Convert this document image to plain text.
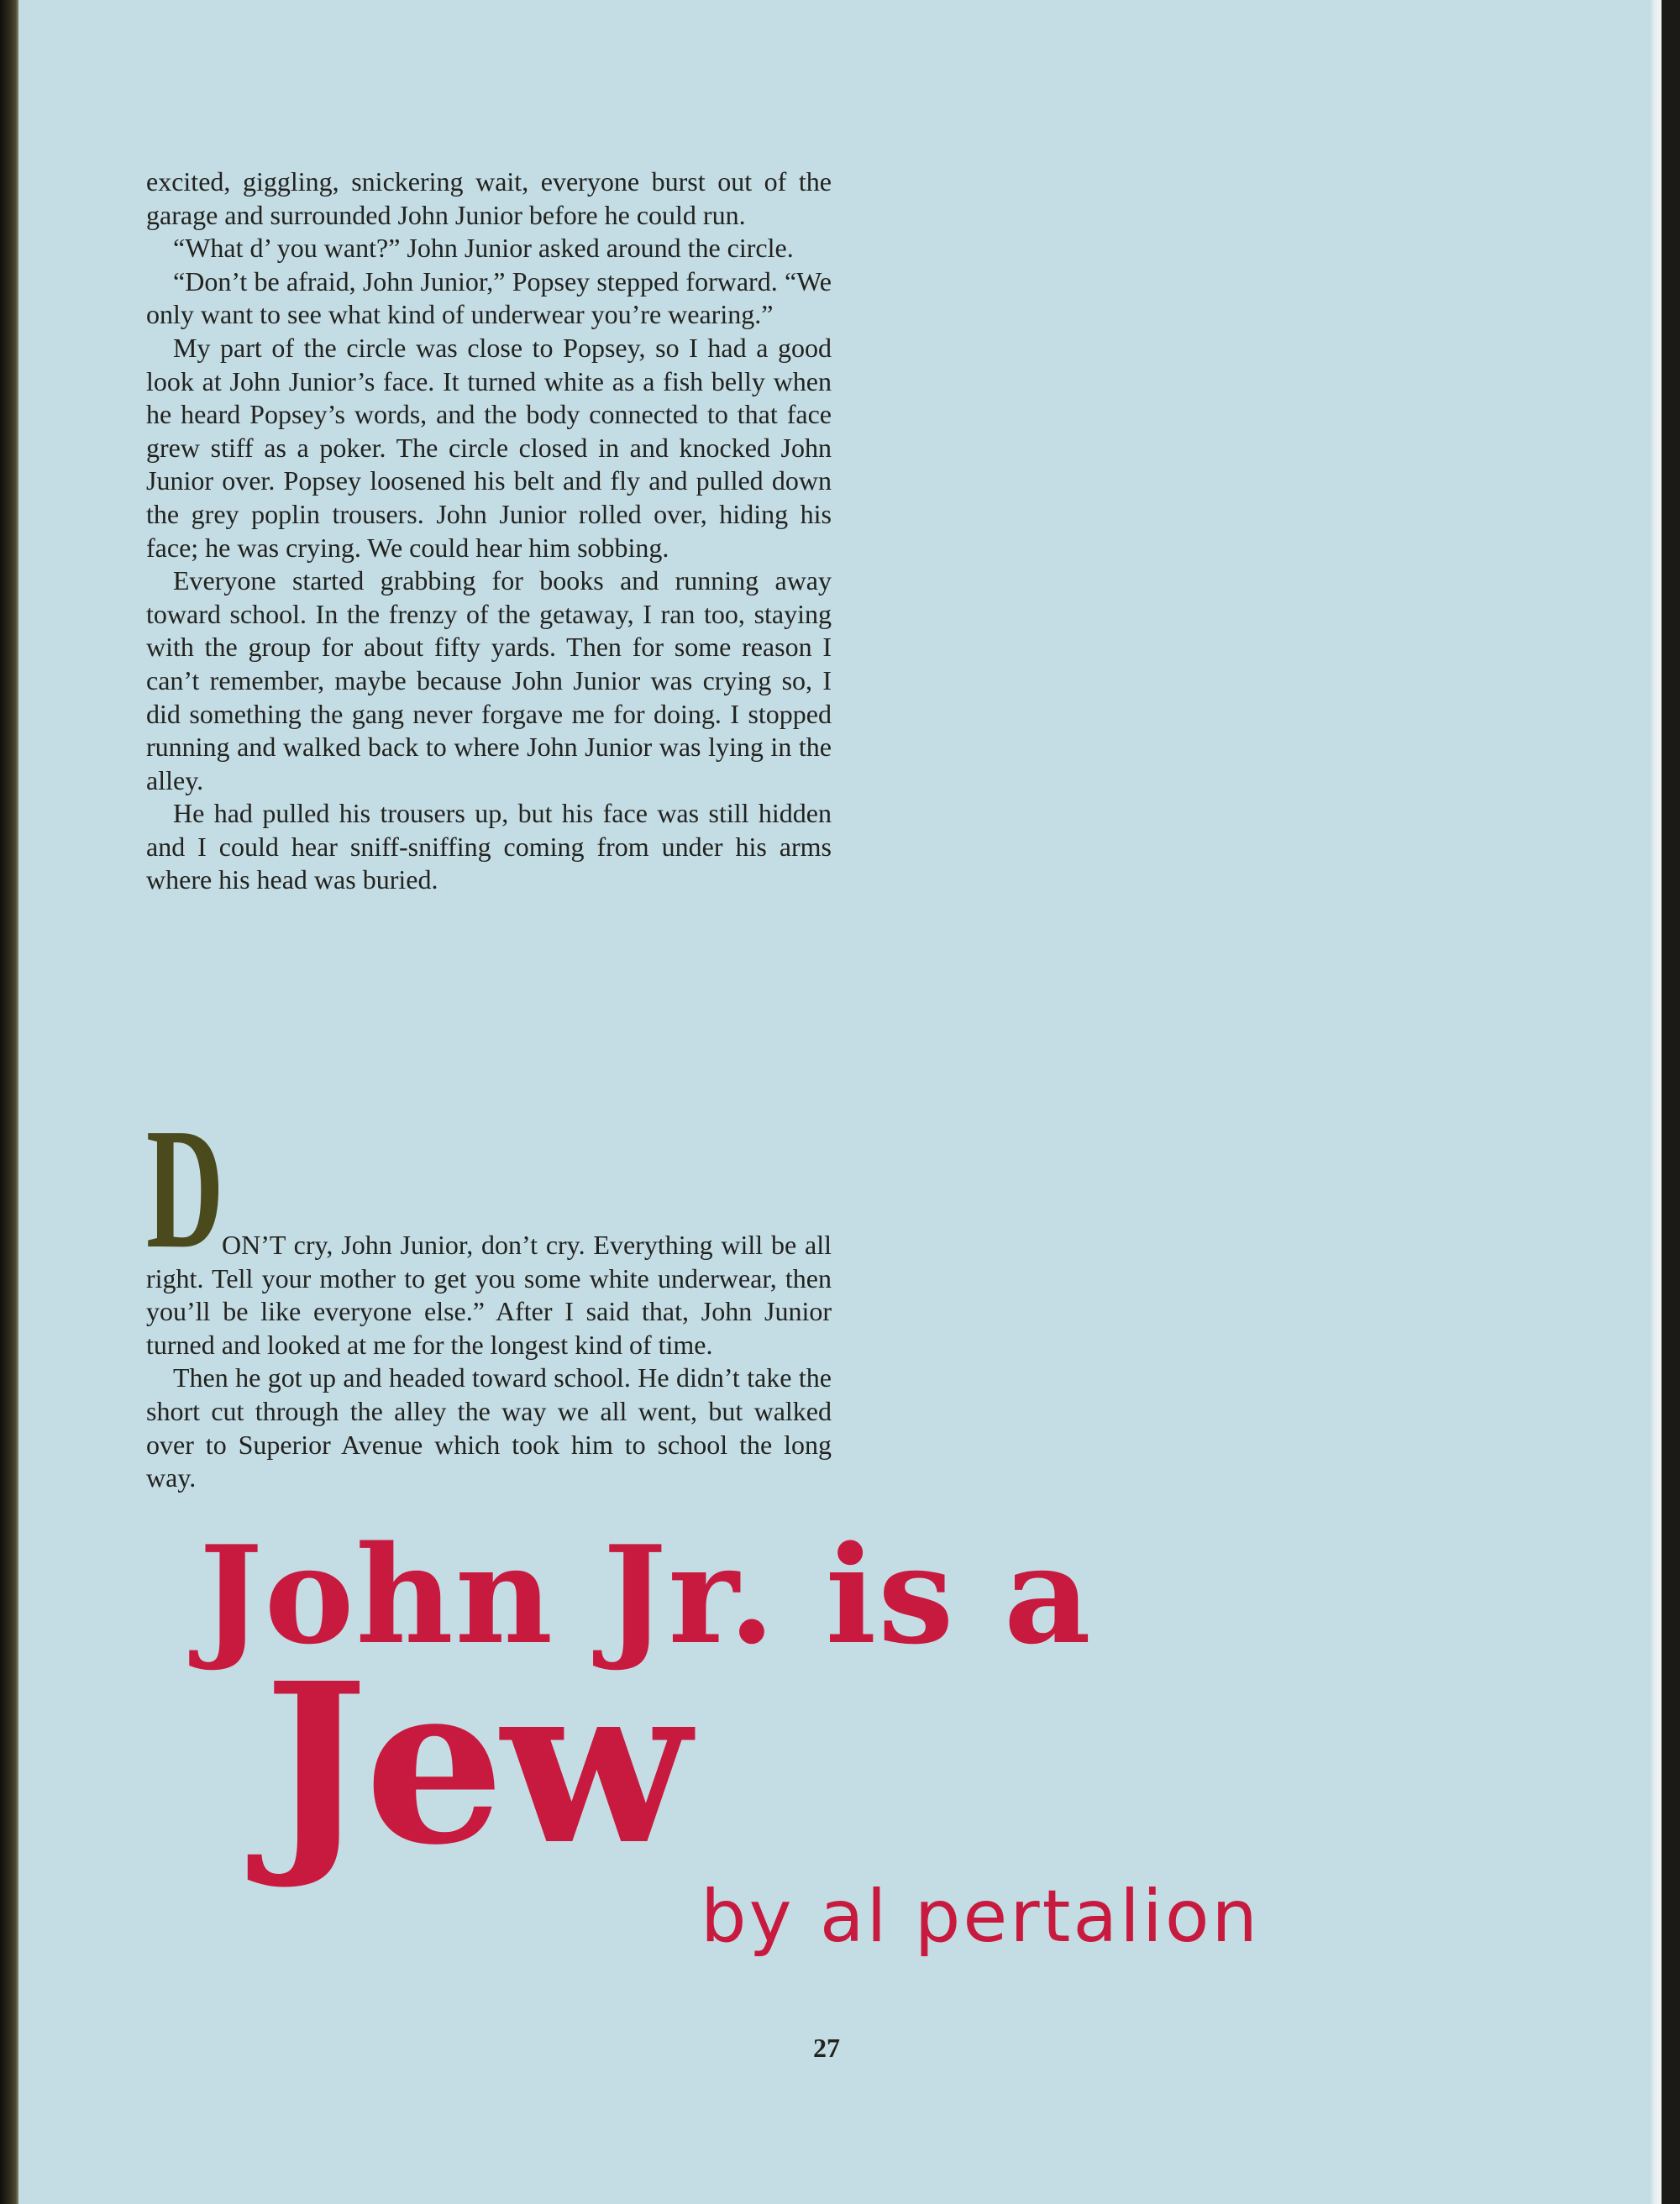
excited, giggling, snickering wait, everyone burst out of the garage and surrounded John Junior before he could run.

“What d’ you want?” John Junior asked around the circle.

“Don’t be afraid, John Junior,” Popsey stepped forward. “We only want to see what kind of underwear you’re wearing.”

My part of the circle was close to Popsey, so I had a good look at John Junior’s face. It turned white as a fish belly when he heard Popsey’s words, and the body connected to that face grew stiff as a poker. The circle closed in and knocked John Junior over. Popsey loosened his belt and fly and pulled down the grey poplin trousers. John Junior rolled over, hiding his face; he was crying. We could hear him sobbing.

Everyone started grabbing for books and running away toward school. In the frenzy of the getaway, I ran too, staying with the group for about fifty yards. Then for some reason I can’t remember, maybe because John Junior was crying so, I did something the gang never forgave me for doing. I stopped running and walked back to where John Junior was lying in the alley.

He had pulled his trousers up, but his face was still hidden and I could hear sniff-sniffing coming from under his arms where his head was buried.

D

ON’T cry, John Junior, don’t cry. Everything will be all right. Tell your mother to get you some white underwear, then you’ll be like everyone else.” After I said that, John Junior turned and looked at me for the longest kind of time.

Then he got up and headed toward school. He didn’t take the short cut through the alley the way we all went, but walked over to Superior Avenue which took him to school the long way.

John Jr. is a
Jew

by al pertalion

27
